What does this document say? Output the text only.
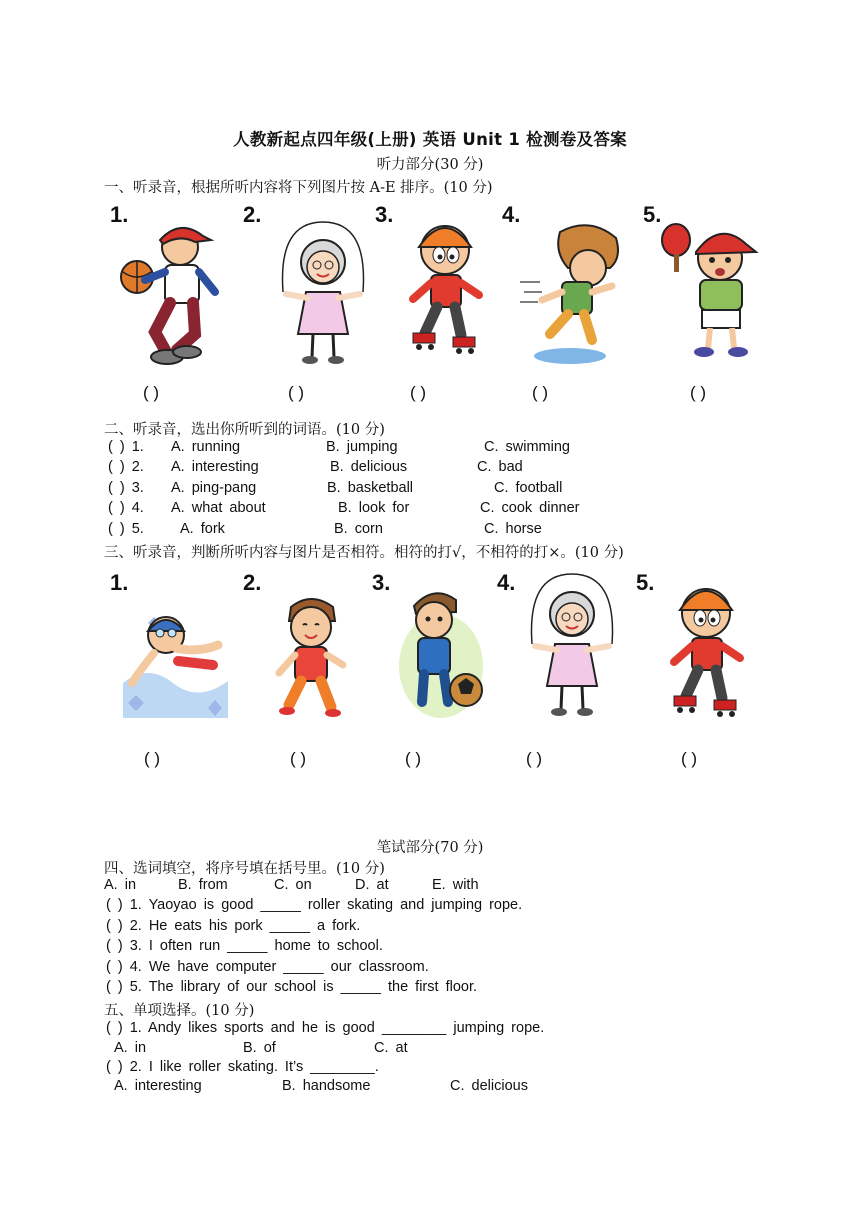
人教新起点四年级(上册) 英语 Unit 1 检测卷及答案
听力部分(30 分)
一、听录音，根据所听内容将下列图片按 A-E 排序。(10 分)
1.
( )
2.
( )
3.
( )
4.
( )
5.
( )
二、听录音，选出你所听到的词语。(10 分)
( ) 1. A. running	B. jumping	C. swimming
( ) 2. A. interesting	B. delicious	C. bad
( ) 3. A. ping-pang	B. basketball	C. football
( ) 4. A. what about	B. look for	C. cook dinner
( ) 5. A. fork	B. corn	C. horse
三、听录音，判断所听内容与图片是否相符。相符的打√，不相符的打×。(10 分)
1.
( )
2.
( )
3.
( )
4.
( )
5.
( )
笔试部分(70 分)
四、选词填空，将序号填在括号里。(10 分)
A. in	B. from	C. on	D. at	E. with
( ) 1. Yaoyao is good _____ roller skating and jumping rope.
( ) 2. He eats his pork _____ a fork.
( ) 3. I often run _____ home to school.
( ) 4. We have computer _____ our classroom.
( ) 5. The library of our school is _____ the first floor.
五、单项选择。(10 分)
( ) 1. Andy likes sports and he is good ________ jumping rope.
A. in	B. of	C. at
( ) 2. I like roller skating. It’s ________.
A. interesting	B. handsome	C. delicious
